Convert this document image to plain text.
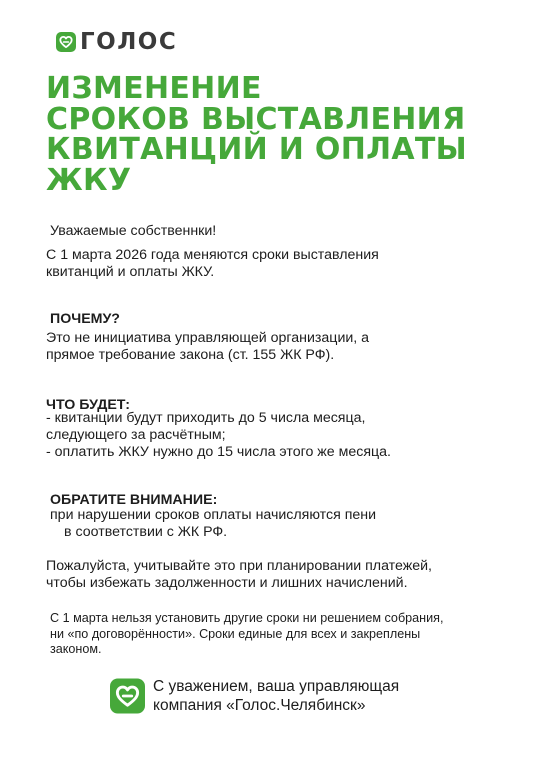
ГОЛОС
ИЗМЕНЕНИЕ
СРОКОВ ВЫСТАВЛЕНИЯ
КВИТАНЦИЙ И ОПЛАТЫ
ЖКУ

Уважаемые собственнки!

С 1 марта 2026 года меняются сроки выставления
квитанций и оплаты ЖКУ.

ПОЧЕМУ?

Это не инициатива управляющей организации, а
прямое требование закона (ст. 155 ЖК РФ).

ЧТО БУДЕТ:

- квитанции будут приходить до 5 числа месяца,
следующего за расчётным;
- оплатить ЖКУ нужно до 15 числа этого же месяца.

ОБРАТИТЕ ВНИМАНИЕ:

при нарушении сроков оплаты начисляются пени
в соответствии с ЖК РФ.

Пожалуйста, учитывайте это при планировании платежей,
чтобы избежать задолженности и лишних начислений.

С 1 марта нельзя установить другие сроки ни решением собрания,
ни «по договорённости». Сроки единые для всех и закреплены
законом.

С уважением, ваша управляющая
компания «Голос.Челябинск»
